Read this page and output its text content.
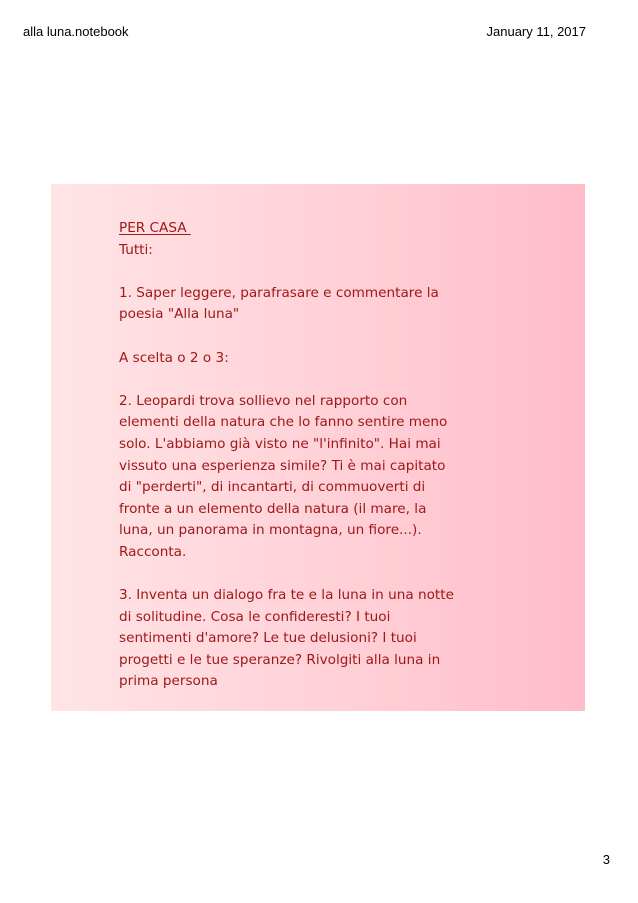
alla luna.notebook	January 11, 2017

PER CASA

Tutti:

1. Saper leggere, parafrasare e commentare la poesia "Alla luna"

A scelta o 2 o 3:

2. Leopardi trova sollievo nel rapporto con elementi della natura che lo fanno sentire meno solo. L'abbiamo già visto ne "l'infinito". Hai mai vissuto una esperienza simile? Ti è mai capitato di "perderti", di incantarti, di commuoverti di fronte a un elemento della natura (il mare, la luna, un panorama in montagna, un fiore...). Racconta.

3. Inventa un dialogo fra te e la luna in una notte di solitudine. Cosa le confideresti? I tuoi sentimenti d'amore? Le tue delusioni? I tuoi progetti e le tue speranze? Rivolgiti alla luna in prima persona

3
